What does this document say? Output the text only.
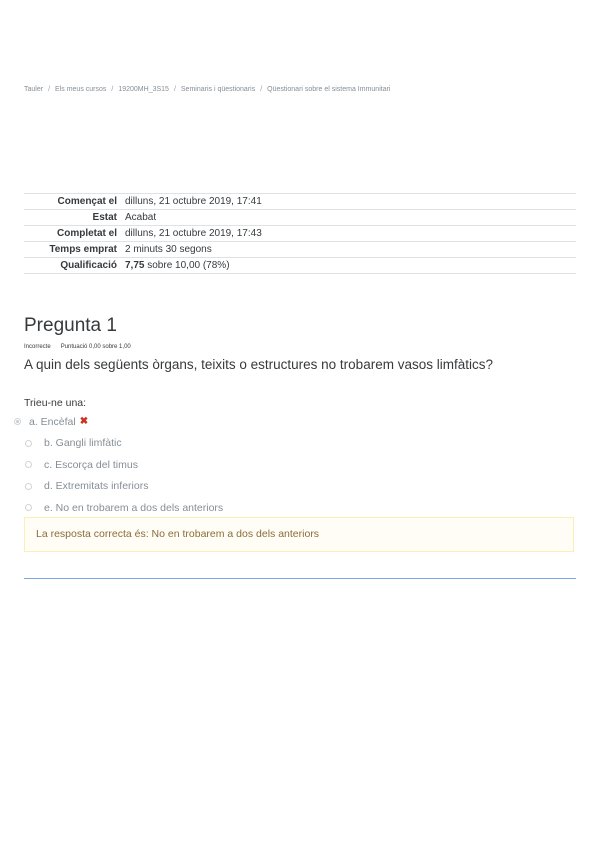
Tauler / Els meus cursos / 19200MH_3S15 / Seminaris i qüestionaris / Qüestionari sobre el sistema Immunitari
Començat el	dilluns, 21 octubre 2019, 17:41
Estat	Acabat
Completat el	dilluns, 21 octubre 2019, 17:43
Temps emprat	2 minuts 30 segons
Qualificació	7,75 sobre 10,00 (78%)
Pregunta 1
Incorrecte Puntuació 0,00 sobre 1,00
A quin dels següents òrgans, teixits o estructures no trobarem vasos limfàtics?
Trieu-ne una:
a. Encèfal ✖
b. Gangli limfàtic
c. Escorça del timus
d. Extremitats inferiors
e. No en trobarem a dos dels anteriors
La resposta correcta és: No en trobarem a dos dels anteriors
